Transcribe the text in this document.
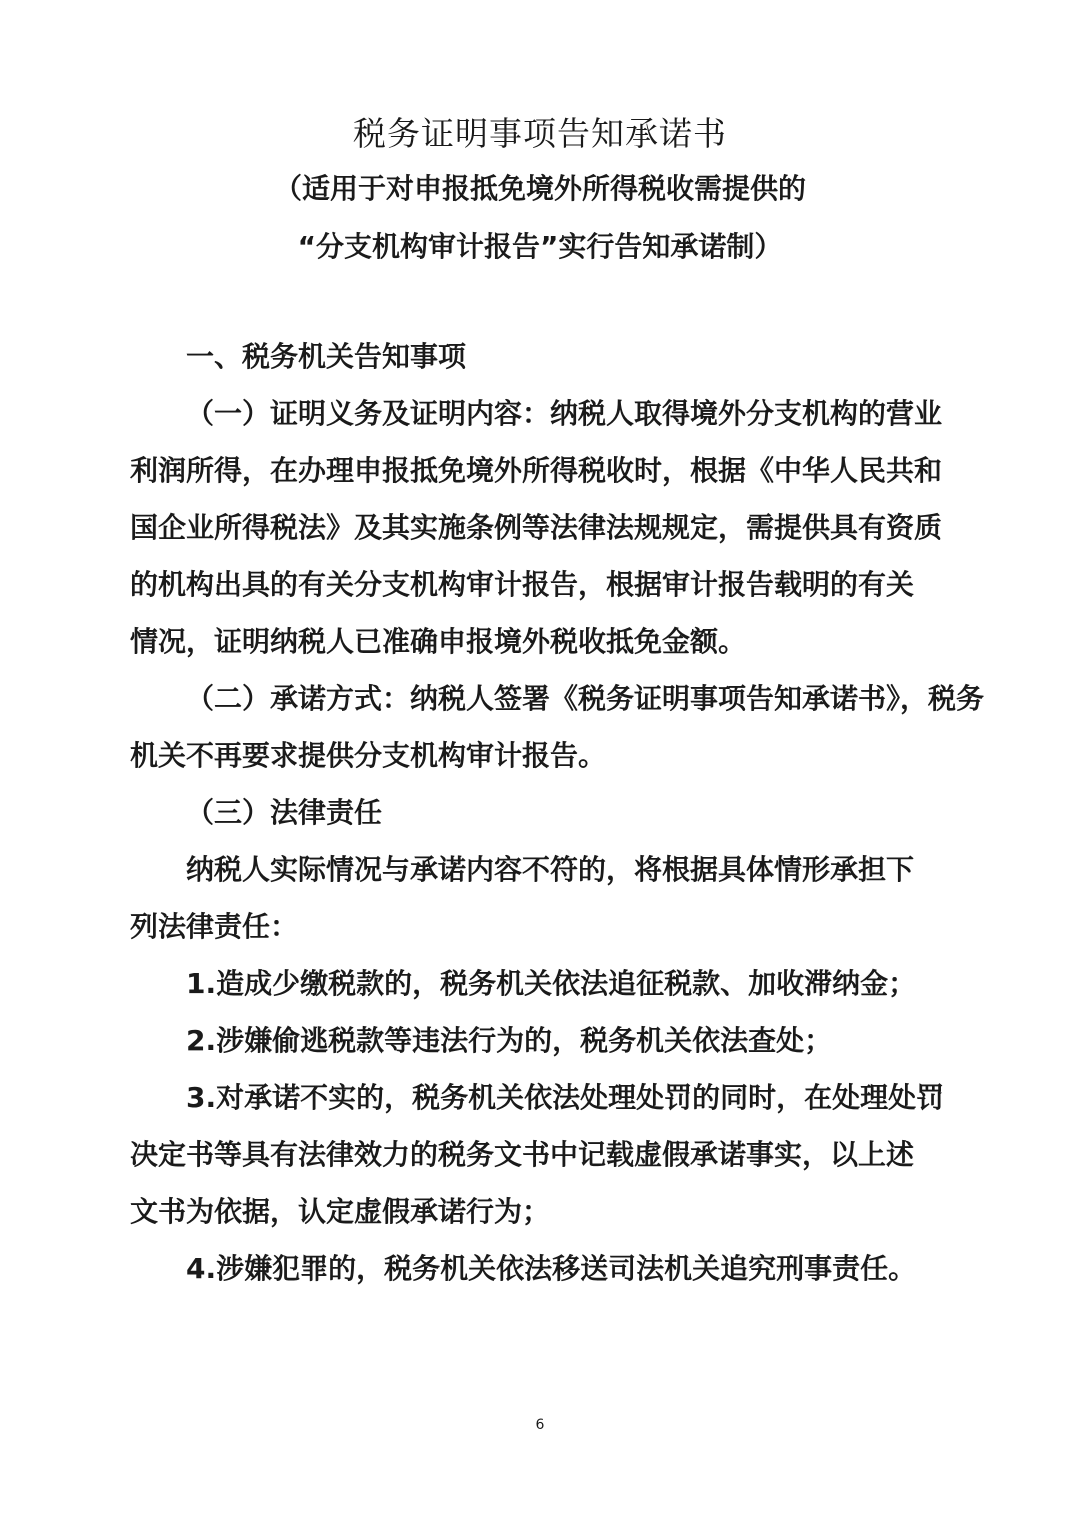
税务证明事项告知承诺书
（适用于对申报抵免境外所得税收需提供的
“分支机构审计报告”实行告知承诺制）
一、税务机关告知事项
（一）证明义务及证明内容：纳税人取得境外分支机构的营业
利润所得，在办理申报抵免境外所得税收时，根据《中华人民共和
国企业所得税法》及其实施条例等法律法规规定，需提供具有资质
的机构出具的有关分支机构审计报告，根据审计报告载明的有关
情况，证明纳税人已准确申报境外税收抵免金额。
（二）承诺方式：纳税人签署《税务证明事项告知承诺书》，税务
机关不再要求提供分支机构审计报告。
（三）法律责任
纳税人实际情况与承诺内容不符的，将根据具体情形承担下
列法律责任：
1.造成少缴税款的，税务机关依法追征税款、加收滞纳金；
2.涉嫌偷逃税款等违法行为的，税务机关依法查处；
3.对承诺不实的，税务机关依法处理处罚的同时，在处理处罚
决定书等具有法律效力的税务文书中记载虚假承诺事实，以上述
文书为依据，认定虚假承诺行为；
4.涉嫌犯罪的，税务机关依法移送司法机关追究刑事责任。
6
